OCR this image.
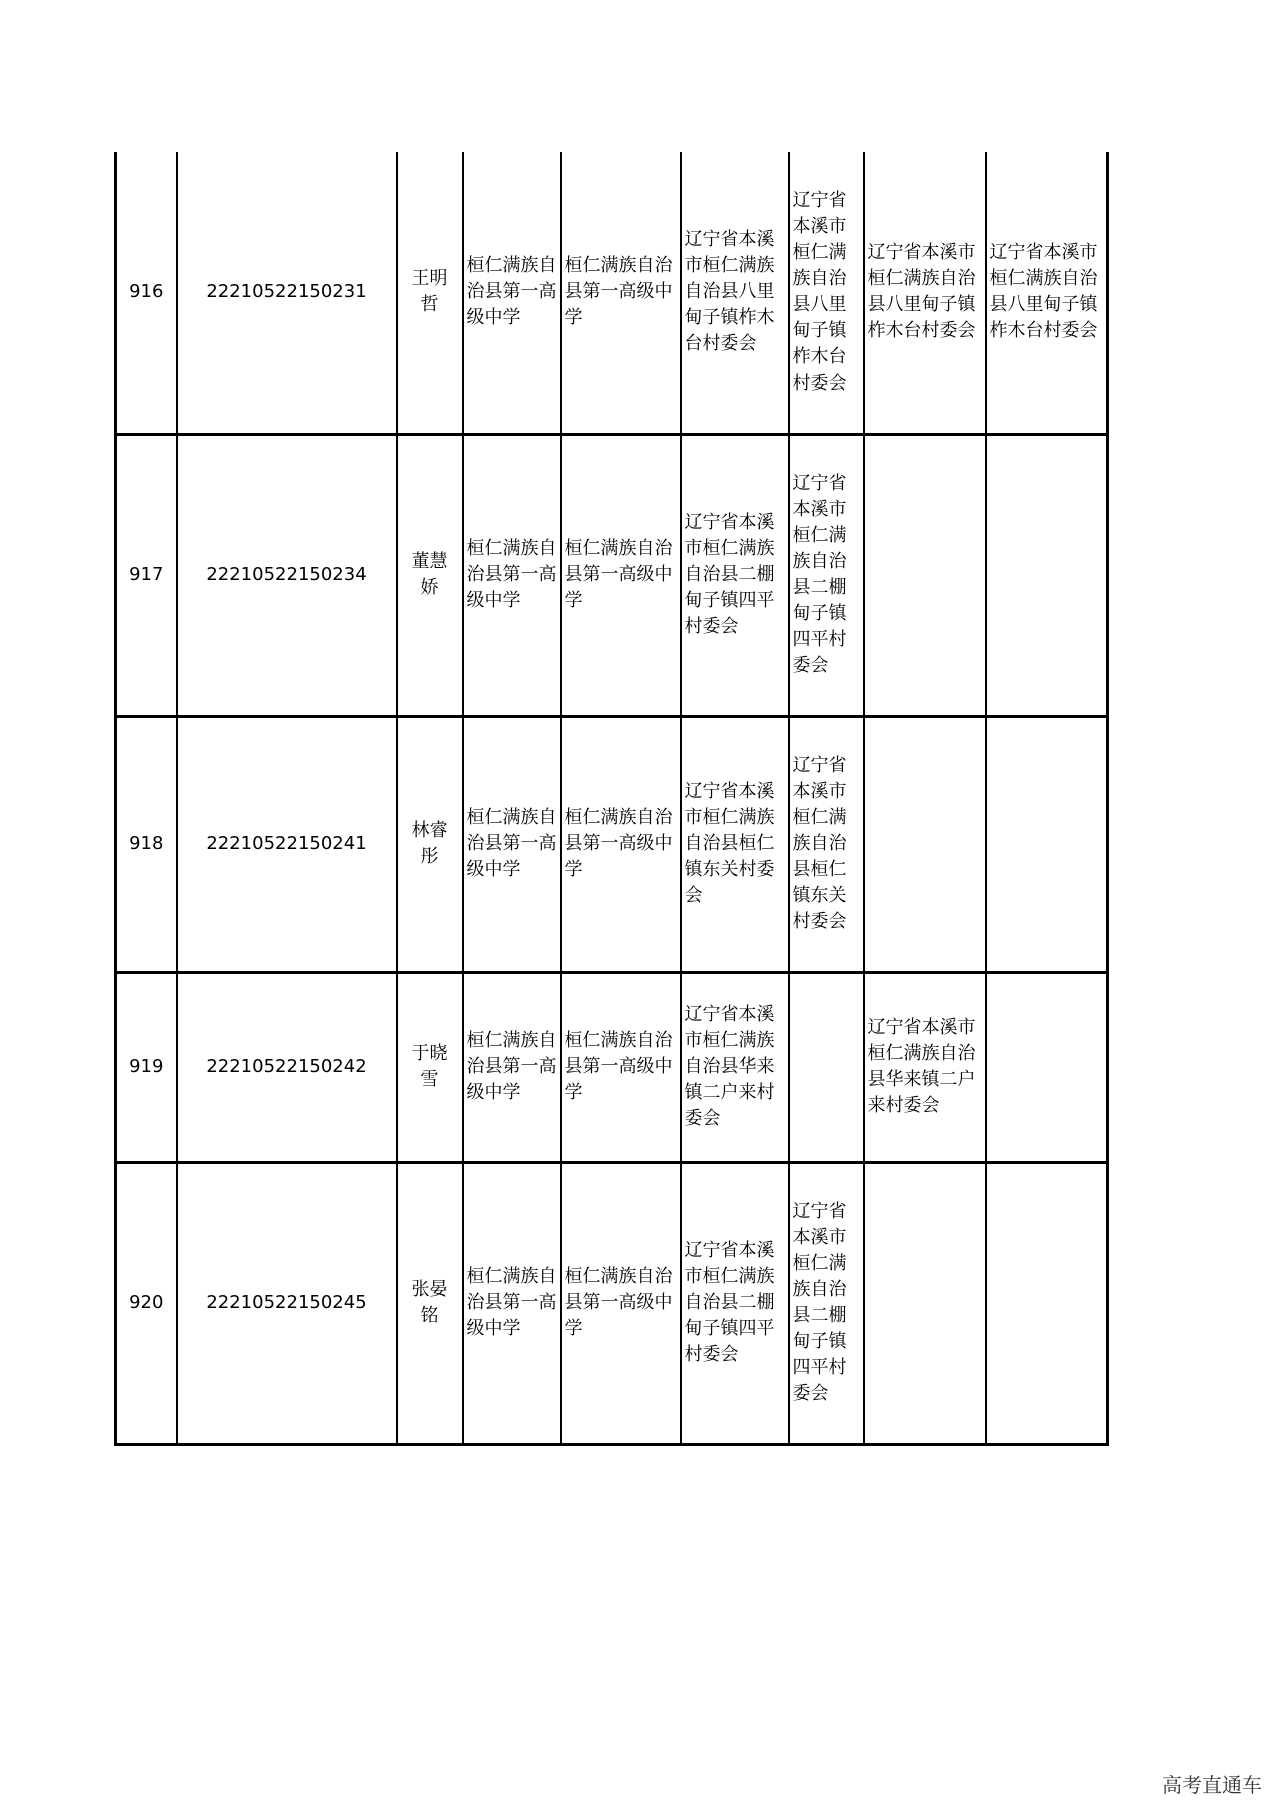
916	22210522150231	王明哲	桓仁满族自治县第一高级中学	桓仁满族自治县第一高级中学	辽宁省本溪市桓仁满族自治县八里甸子镇柞木台村委会	辽宁省本溪市桓仁满族自治县八里甸子镇柞木台村委会	辽宁省本溪市桓仁满族自治县八里甸子镇柞木台村委会	辽宁省本溪市桓仁满族自治县八里甸子镇柞木台村委会
917	22210522150234	董慧娇	桓仁满族自治县第一高级中学	桓仁满族自治县第一高级中学	辽宁省本溪市桓仁满族自治县二棚甸子镇四平村委会	辽宁省本溪市桓仁满族自治县二棚甸子镇四平村委会		
918	22210522150241	林睿彤	桓仁满族自治县第一高级中学	桓仁满族自治县第一高级中学	辽宁省本溪市桓仁满族自治县桓仁镇东关村委会	辽宁省本溪市桓仁满族自治县桓仁镇东关村委会		
919	22210522150242	于晓雪	桓仁满族自治县第一高级中学	桓仁满族自治县第一高级中学	辽宁省本溪市桓仁满族自治县华来镇二户来村委会		辽宁省本溪市桓仁满族自治县华来镇二户来村委会	
920	22210522150245	张晏铭	桓仁满族自治县第一高级中学	桓仁满族自治县第一高级中学	辽宁省本溪市桓仁满族自治县二棚甸子镇四平村委会	辽宁省本溪市桓仁满族自治县二棚甸子镇四平村委会		
高考直通车
